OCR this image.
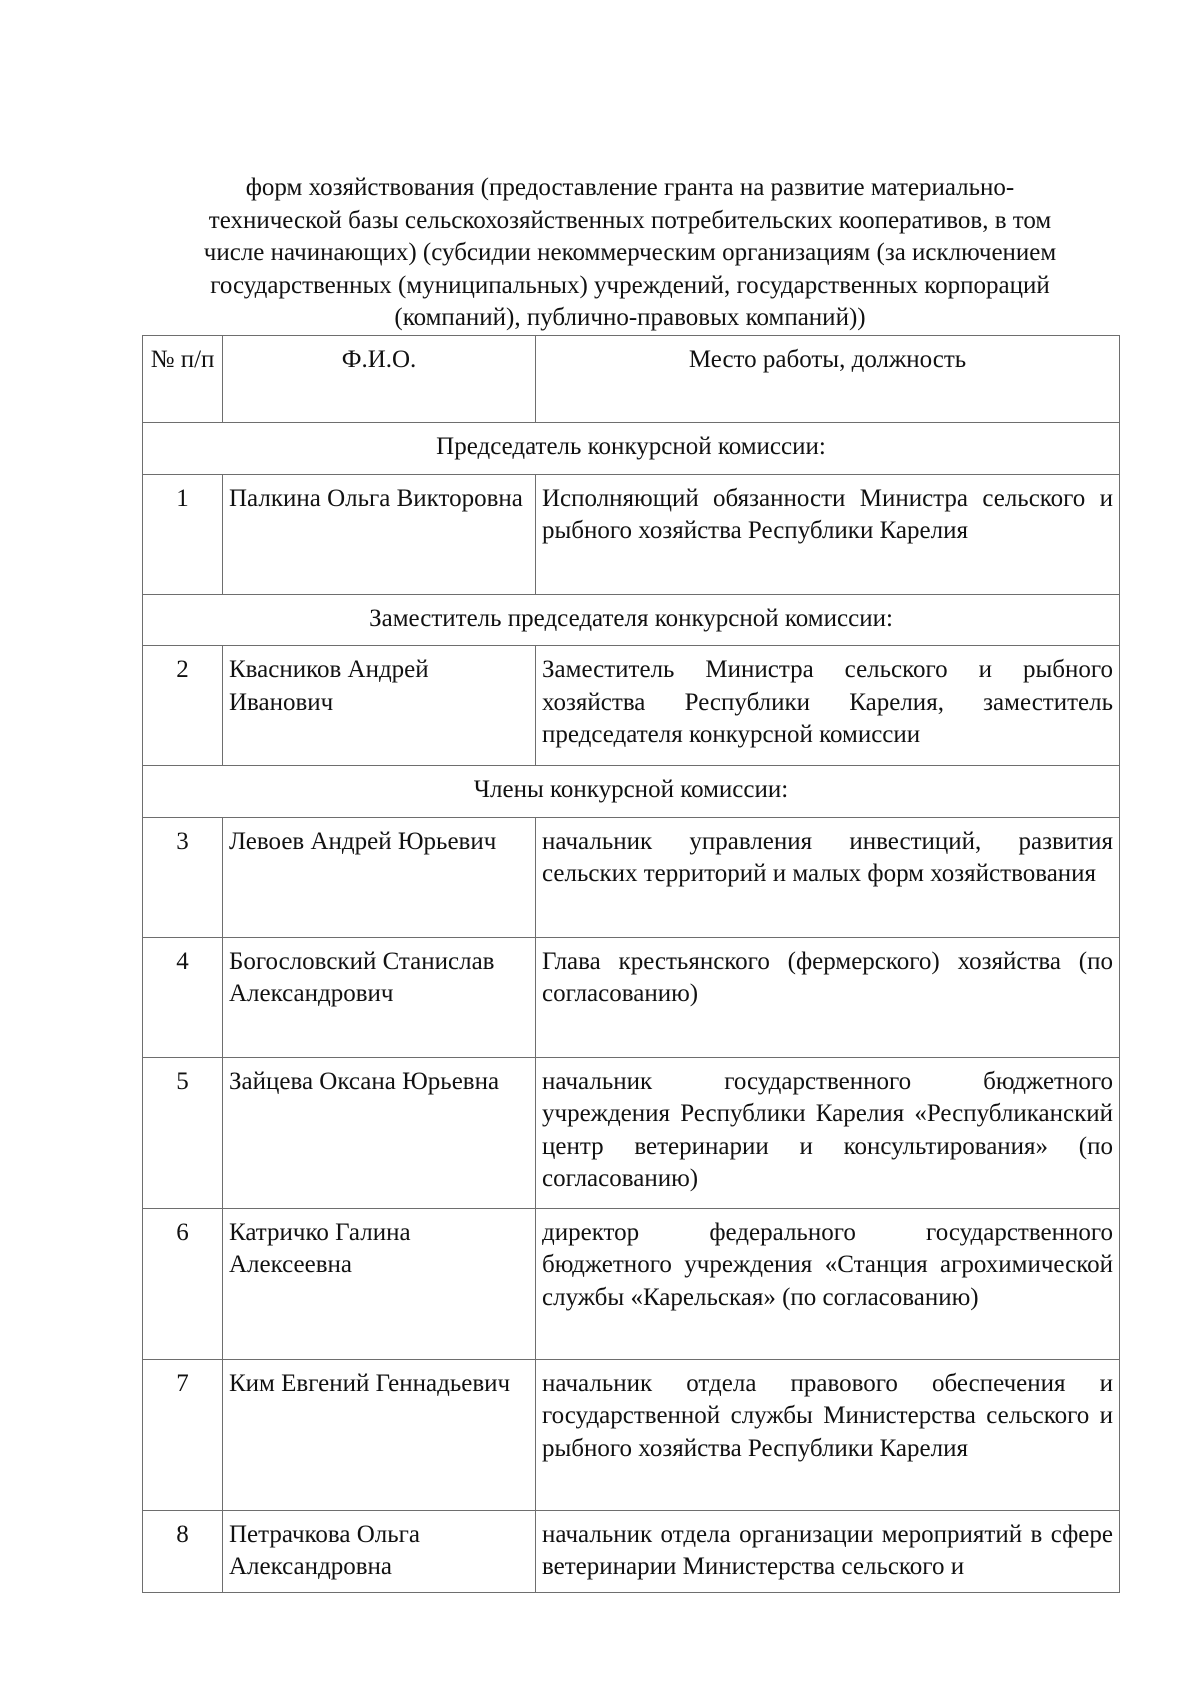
форм хозяйствования (предоставление гранта на развитие материально-
технической базы сельскохозяйственных потребительских кооперативов, в том
числе начинающих) (субсидии некоммерческим организациям (за исключением
государственных (муниципальных) учреждений, государственных корпораций
(компаний), публично-правовых компаний))
№ п/п	Ф.И.О.	Место работы, должность
Председатель конкурсной комиссии:		
1	Палкина Ольга Викторовна	Исполняющий обязанности Министра сельского и рыбного хозяйства Республики Карелия
Заместитель председателя конкурсной комиссии:		
2	Квасников Андрей Иванович	Заместитель Министра сельского и рыбного хозяйства Республики Карелия, заместитель председателя конкурсной комиссии
Члены конкурсной комиссии:		
3	Левоев Андрей Юрьевич	начальник управления инвестиций, развития сельских территорий и малых форм хозяйствования
4	Богословский Станислав Александрович	Глава крестьянского (фермерского) хозяйства (по согласованию)
5	Зайцева Оксана Юрьевна	начальник государственного бюджетного учреждения Республики Карелия «Республиканский центр ветеринарии и консультирования» (по согласованию)
6	Катричко Галина Алексеевна	директор федерального государственного бюджетного учреждения «Станция агрохимической службы «Карельская» (по согласованию)
7	Ким Евгений Геннадьевич	начальник отдела правового обеспечения и государственной службы Министерства сельского и рыбного хозяйства Республики Карелия
8	Петрачкова Ольга Александровна	начальник отдела организации мероприятий в сфере ветеринарии Министерства сельского и
